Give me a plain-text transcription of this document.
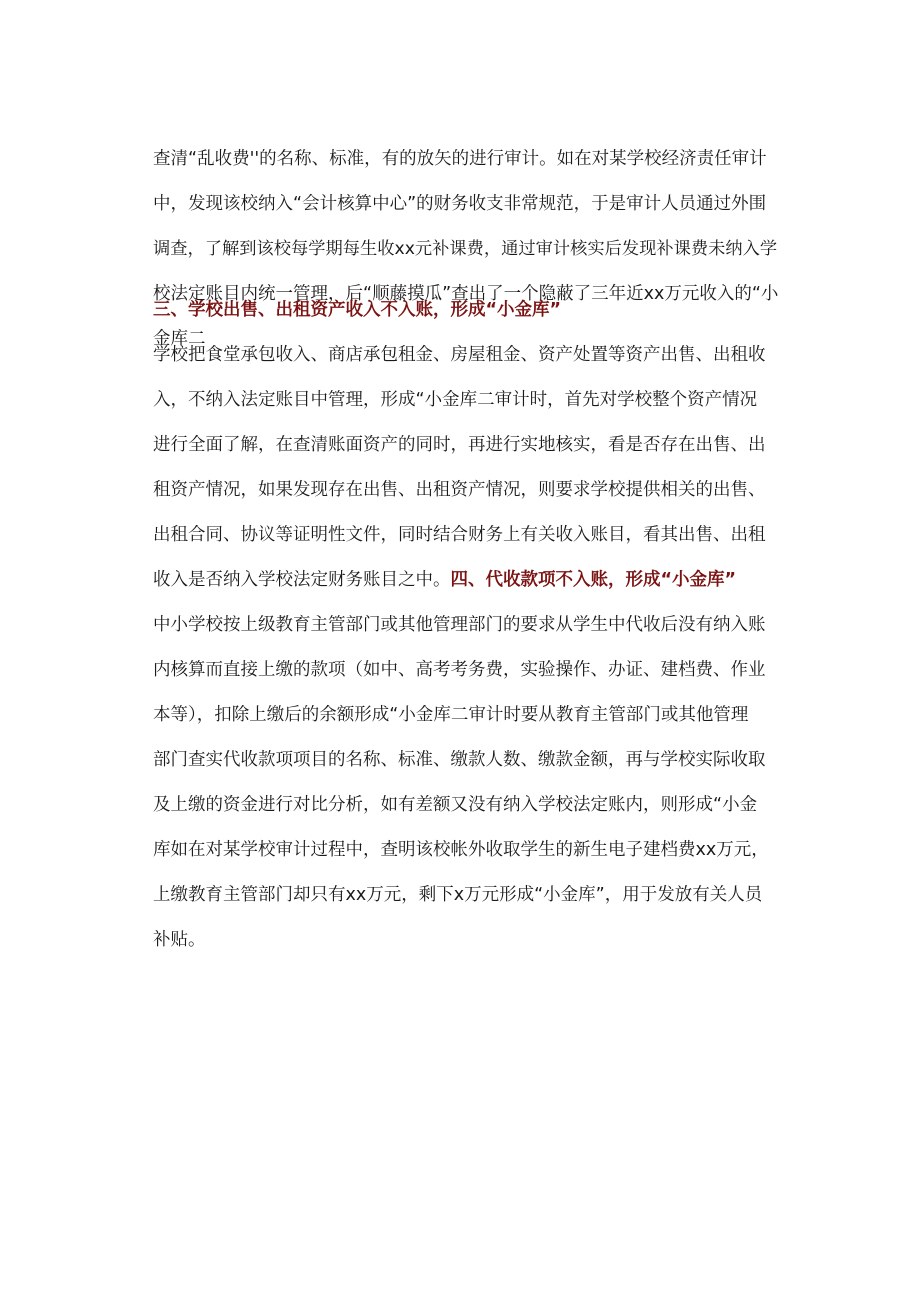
查清“乱收费''的名称、标准，有的放矢的进行审计。如在对某学校经济责任审计
中，发现该校纳入“会计核算中心”的财务收支非常规范，于是审计人员通过外围
调查，了解到该校每学期每生收xx元补课费，通过审计核实后发现补课费未纳入学
校法定账目内统一管理，后“顺藤摸瓜”查出了一个隐蔽了三年近xx万元收入的“小
金库二
三、学校出售、出租资产收入不入账，形成“小金库”
学校把食堂承包收入、商店承包租金、房屋租金、资产处置等资产出售、出租收
入，不纳入法定账目中管理，形成“小金库二审计时，首先对学校整个资产情况
进行全面了解，在查清账面资产的同时，再进行实地核实，看是否存在出售、出
租资产情况，如果发现存在出售、出租资产情况，则要求学校提供相关的出售、
出租合同、协议等证明性文件，同时结合财务上有关收入账目，看其出售、出租
收入是否纳入学校法定财务账目之中。四、代收款项不入账，形成“小金库”
中小学校按上级教育主管部门或其他管理部门的要求从学生中代收后没有纳入账
内核算而直接上缴的款项（如中、高考考务费，实验操作、办证、建档费、作业
本等），扣除上缴后的余额形成“小金库二审计时要从教育主管部门或其他管理
部门查实代收款项项目的名称、标准、缴款人数、缴款金额，再与学校实际收取
及上缴的资金进行对比分析，如有差额又没有纳入学校法定账内，则形成“小金
库如在对某学校审计过程中，查明该校帐外收取学生的新生电子建档费xx万元，
上缴教育主管部门却只有xx万元，剩下x万元形成“小金库”，用于发放有关人员
补贴。
